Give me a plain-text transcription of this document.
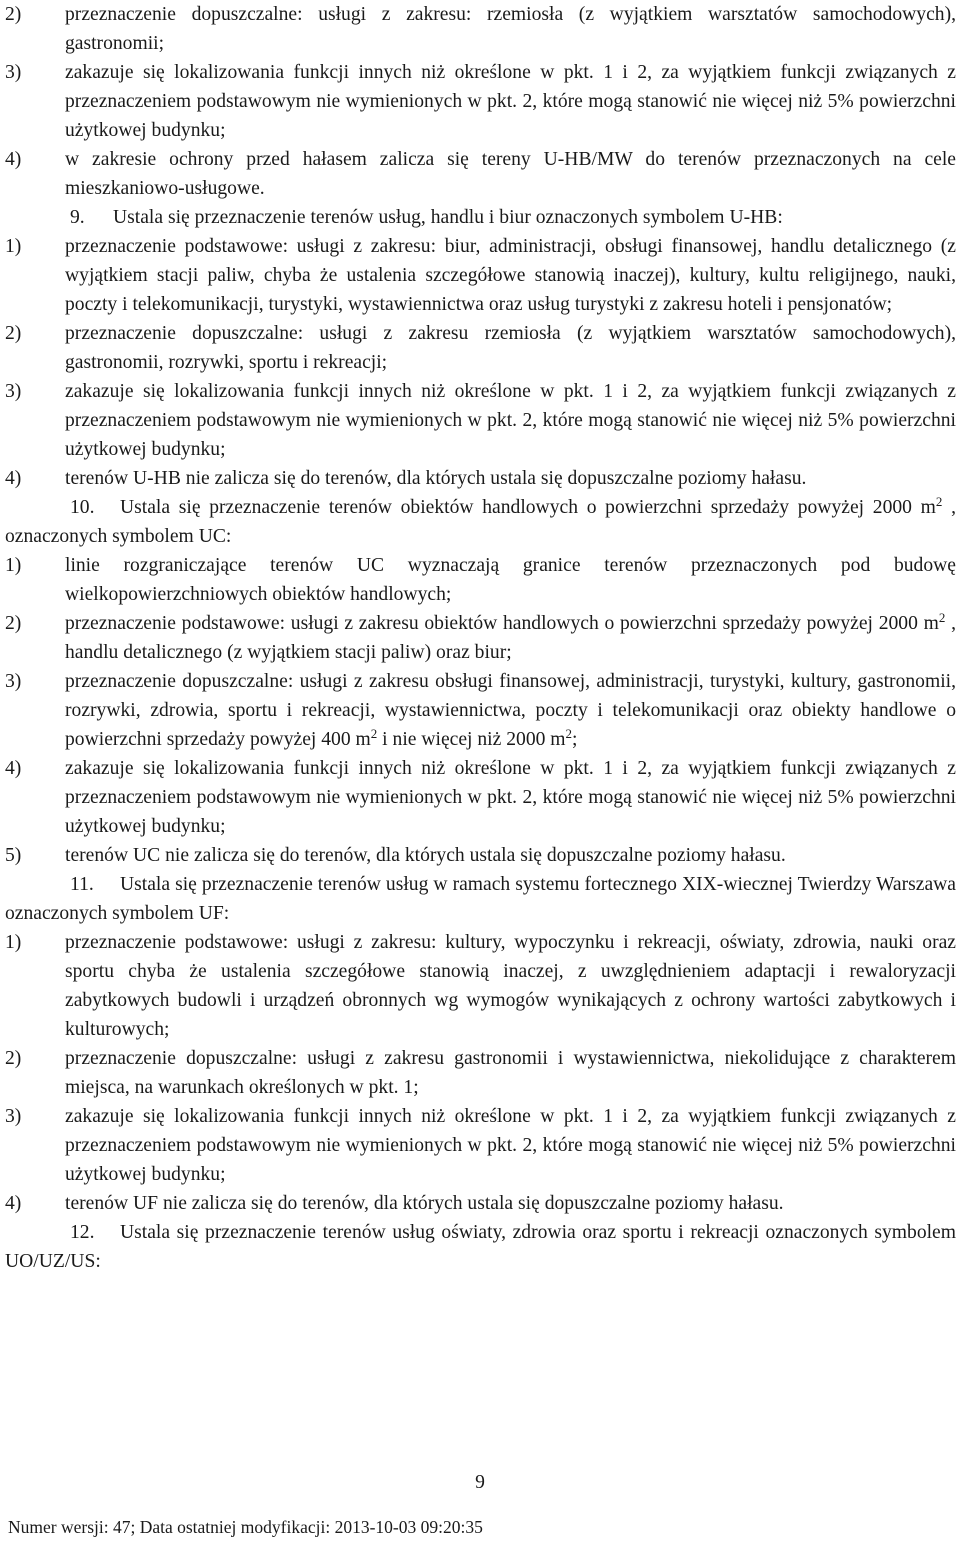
2) przeznaczenie dopuszczalne: usługi z zakresu: rzemiosła (z wyjątkiem warsztatów samochodowych), gastronomii;

3) zakazuje się lokalizowania funkcji innych niż określone w pkt. 1 i 2, za wyjątkiem funkcji związanych z przeznaczeniem podstawowym nie wymienionych w pkt. 2, które mogą stanowić nie więcej niż 5% powierzchni użytkowej budynku;

4) w zakresie ochrony przed hałasem zalicza się tereny U-HB/MW do terenów przeznaczonych na cele mieszkaniowo-usługowe.

9. Ustala się przeznaczenie terenów usług, handlu i biur oznaczonych symbolem U-HB:

1) przeznaczenie podstawowe: usługi z zakresu: biur, administracji, obsługi finansowej, handlu detalicznego (z wyjątkiem stacji paliw, chyba że ustalenia szczegółowe stanowią inaczej), kultury, kultu religijnego, nauki, poczty i telekomunikacji, turystyki, wystawiennictwa oraz usług turystyki z zakresu hoteli i pensjonatów;

2) przeznaczenie dopuszczalne: usługi z zakresu rzemiosła (z wyjątkiem warsztatów samochodowych), gastronomii, rozrywki, sportu i rekreacji;

3) zakazuje się lokalizowania funkcji innych niż określone w pkt. 1 i 2, za wyjątkiem funkcji związanych z przeznaczeniem podstawowym nie wymienionych w pkt. 2, które mogą stanowić nie więcej niż 5% powierzchni użytkowej budynku;

4) terenów U-HB nie zalicza się do terenów, dla których ustala się dopuszczalne poziomy hałasu.

10. Ustala się przeznaczenie terenów obiektów handlowych o powierzchni sprzedaży powyżej 2000 $m^2$ , oznaczonych symbolem UC:

1) linie rozgraniczające terenów UC wyznaczają granice terenów przeznaczonych pod budowę wielkopowierzchniowych obiektów handlowych;

2) przeznaczenie podstawowe: usługi z zakresu obiektów handlowych o powierzchni sprzedaży powyżej 2000 $m^2$ , handlu detalicznego (z wyjątkiem stacji paliw) oraz biur;

3) przeznaczenie dopuszczalne: usługi z zakresu obsługi finansowej, administracji, turystyki, kultury, gastronomii, rozrywki, zdrowia, sportu i rekreacji, wystawiennictwa, poczty i telekomunikacji oraz obiekty handlowe o powierzchni sprzedaży powyżej 400 $m^2$ i nie więcej niż 2000 $m^2$;

4) zakazuje się lokalizowania funkcji innych niż określone w pkt. 1 i 2, za wyjątkiem funkcji związanych z przeznaczeniem podstawowym nie wymienionych w pkt. 2, które mogą stanowić nie więcej niż 5% powierzchni użytkowej budynku;

5) terenów UC nie zalicza się do terenów, dla których ustala się dopuszczalne poziomy hałasu.

11. Ustala się przeznaczenie terenów usług w ramach systemu fortecznego XIX-wiecznej Twierdzy Warszawa oznaczonych symbolem UF:

1) przeznaczenie podstawowe: usługi z zakresu: kultury, wypoczynku i rekreacji, oświaty, zdrowia, nauki oraz sportu chyba że ustalenia szczegółowe stanowią inaczej, z uwzględnieniem adaptacji i rewaloryzacji zabytkowych budowli i urządzeń obronnych wg wymogów wynikających z ochrony wartości zabytkowych i kulturowych;

2) przeznaczenie dopuszczalne: usługi z zakresu gastronomii i wystawiennictwa, niekolidujące z charakterem miejsca, na warunkach określonych w pkt. 1;

3) zakazuje się lokalizowania funkcji innych niż określone w pkt. 1 i 2, za wyjątkiem funkcji związanych z przeznaczeniem podstawowym nie wymienionych w pkt. 2, które mogą stanowić nie więcej niż 5% powierzchni użytkowej budynku;

4) terenów UF nie zalicza się do terenów, dla których ustala się dopuszczalne poziomy hałasu.

12. Ustala się przeznaczenie terenów usług oświaty, zdrowia oraz sportu i rekreacji oznaczonych symbolem UO/UZ/US:

9
Numer wersji: 47; Data ostatniej modyfikacji: 2013-10-03 09:20:35
